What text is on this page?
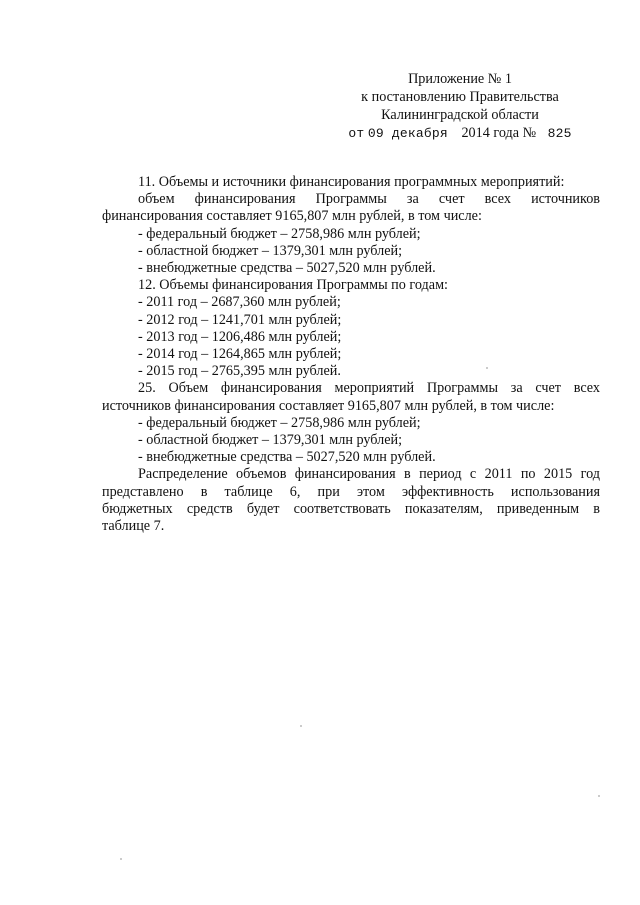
Приложение № 1
к постановлению Правительства
Калининградской области
от 09 декабря 2014 года № 825

11. Объемы и источники финансирования программных мероприятий:

объем финансирования Программы за счет всех источников

финансирования составляет 9165,807 млн рублей, в том числе:

- федеральный бюджет – 2758,986 млн рублей;

- областной бюджет – 1379,301 млн рублей;

- внебюджетные средства – 5027,520 млн рублей.

12. Объемы финансирования Программы по годам:

- 2011 год – 2687,360 млн рублей;

- 2012 год – 1241,701 млн рублей;

- 2013 год – 1206,486 млн рублей;

- 2014 год – 1264,865 млн рублей;

- 2015 год – 2765,395 млн рублей.

25. Объем финансирования мероприятий Программы за счет всех

источников финансирования составляет 9165,807 млн рублей, в том числе:

- федеральный бюджет – 2758,986 млн рублей;

- областной бюджет – 1379,301 млн рублей;

- внебюджетные средства – 5027,520 млн рублей.

Распределение объемов финансирования в период с 2011 по 2015 год

представлено в таблице 6, при этом эффективность использования

бюджетных средств будет соответствовать показателям, приведенным в

таблице 7.
